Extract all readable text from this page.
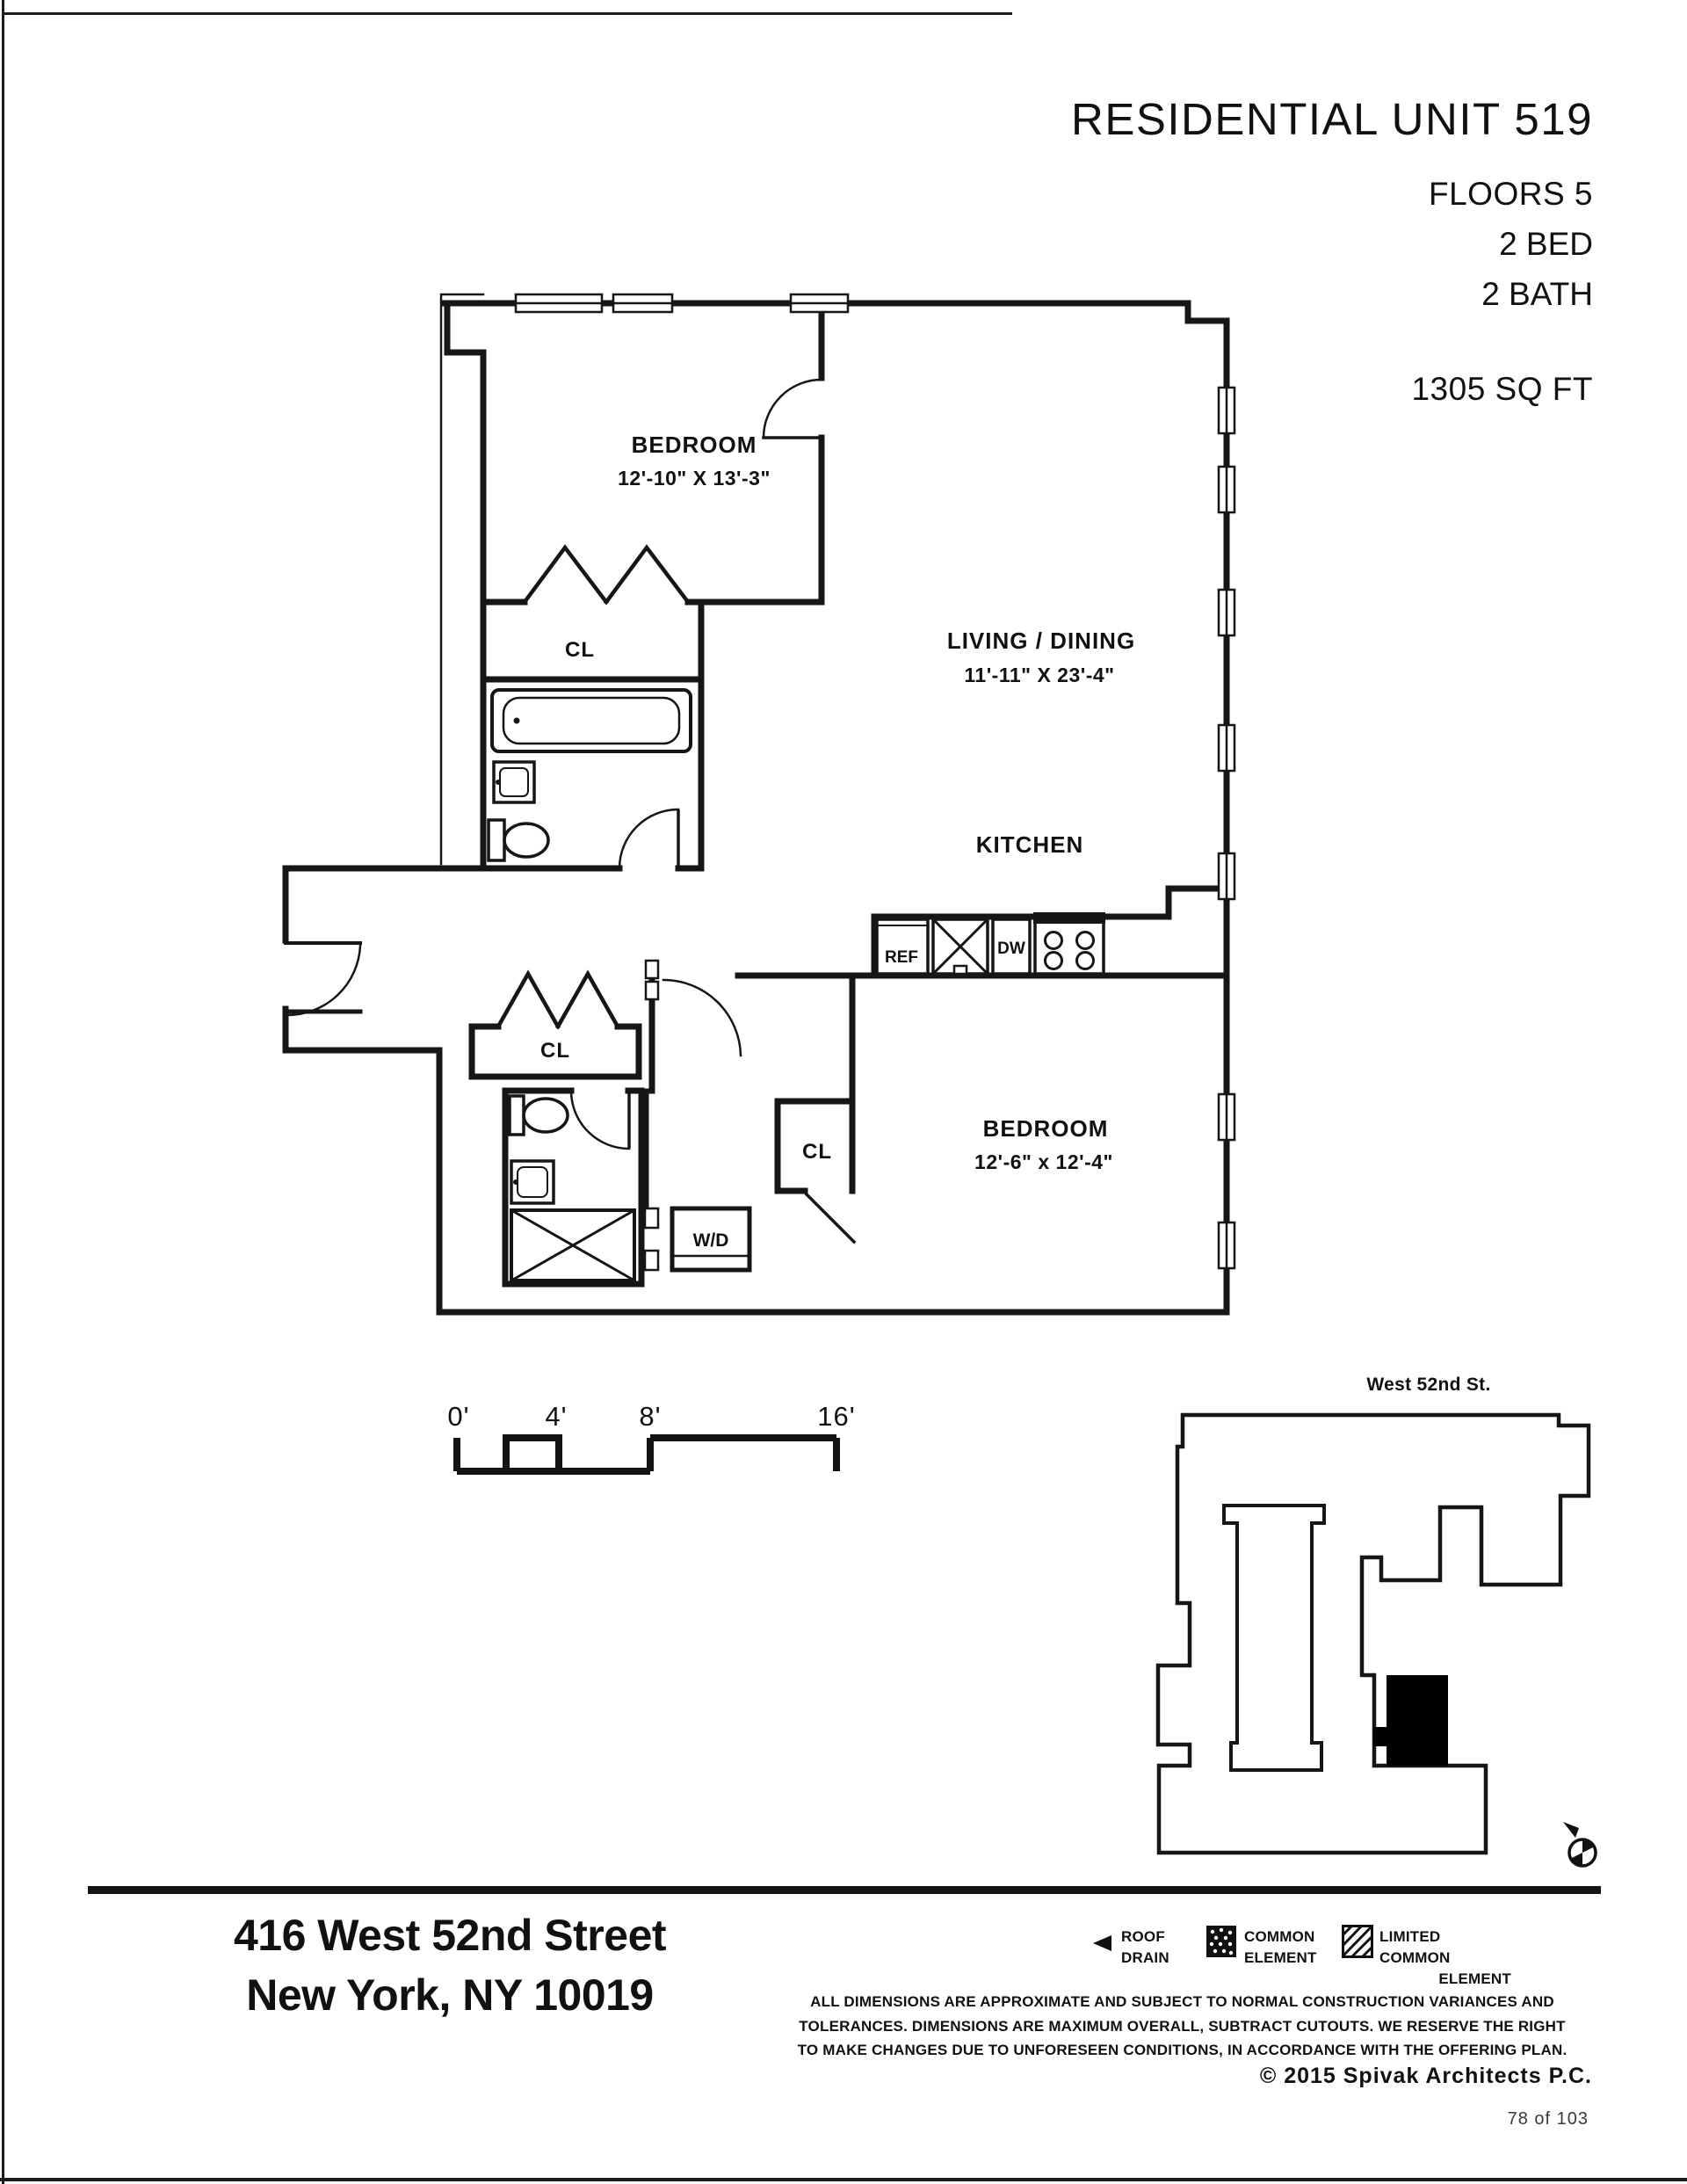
RESIDENTIAL UNIT 519
FLOORS 5
2 BED
2 BATH
1305 SQ FT
BEDROOM
12'-10" X 13'-3"
LIVING / DINING
11'-11" X 23'-4"
KITCHEN
BEDROOM
12'-6" x 12'-4"
CL
CL
CL
W/D
REF	DW
0'	4'	8'	16'
West 52nd St.
416 West 52nd Street
New York, NY 10019
ROOF
DRAIN
COMMON
ELEMENT
LIMITED COMMON
ELEMENT
ALL DIMENSIONS ARE APPROXIMATE AND SUBJECT TO NORMAL CONSTRUCTION VARIANCES AND
TOLERANCES. DIMENSIONS ARE MAXIMUM OVERALL, SUBTRACT CUTOUTS. WE RESERVE THE RIGHT
TO MAKE CHANGES DUE TO UNFORESEEN CONDITIONS, IN ACCORDANCE WITH THE OFFERING PLAN.
© 2015 Spivak Architects P.C.
78 of 103
